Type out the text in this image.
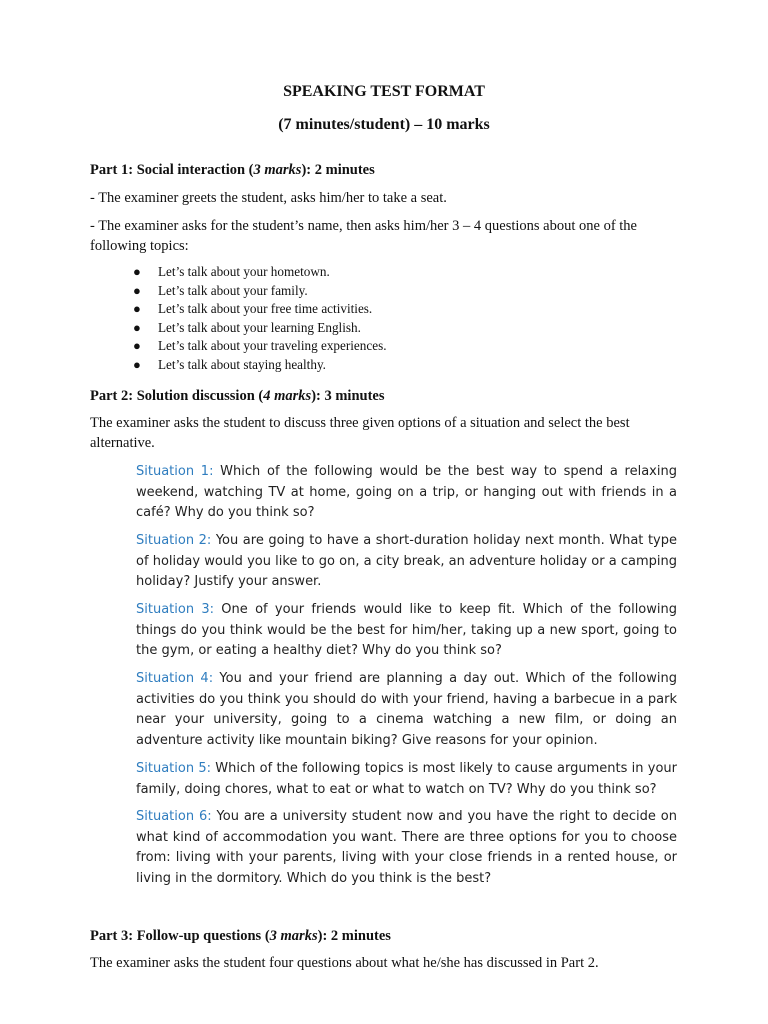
SPEAKING TEST FORMAT
(7 minutes/student) – 10 marks
Part 1: Social interaction (3 marks): 2 minutes
- The examiner greets the student, asks him/her to take a seat.
- The examiner asks for the student’s name, then asks him/her 3 – 4 questions about one of the following topics:
● Let’s talk about your hometown.
● Let’s talk about your family.
● Let’s talk about your free time activities.
● Let’s talk about your learning English.
● Let’s talk about your traveling experiences.
● Let’s talk about staying healthy.
Part 2: Solution discussion (4 marks): 3 minutes
The examiner asks the student to discuss three given options of a situation and select the best alternative.
Situation 1: Which of the following would be the best way to spend a relaxing weekend, watching TV at home, going on a trip, or hanging out with friends in a café? Why do you think so?
Situation 2: You are going to have a short-duration holiday next month. What type of holiday would you like to go on, a city break, an adventure holiday or a camping holiday? Justify your answer.
Situation 3: One of your friends would like to keep fit. Which of the following things do you think would be the best for him/her, taking up a new sport, going to the gym, or eating a healthy diet? Why do you think so?
Situation 4: You and your friend are planning a day out. Which of the following activities do you think you should do with your friend, having a barbecue in a park near your university, going to a cinema watching a new film, or doing an adventure activity like mountain biking? Give reasons for your opinion.
Situation 5: Which of the following topics is most likely to cause arguments in your family, doing chores, what to eat or what to watch on TV? Why do you think so?
Situation 6: You are a university student now and you have the right to decide on what kind of accommodation you want. There are three options for you to choose from: living with your parents, living with your close friends in a rented house, or living in the dormitory. Which do you think is the best?
Part 3: Follow-up questions (3 marks): 2 minutes
The examiner asks the student four questions about what he/she has discussed in Part 2.
